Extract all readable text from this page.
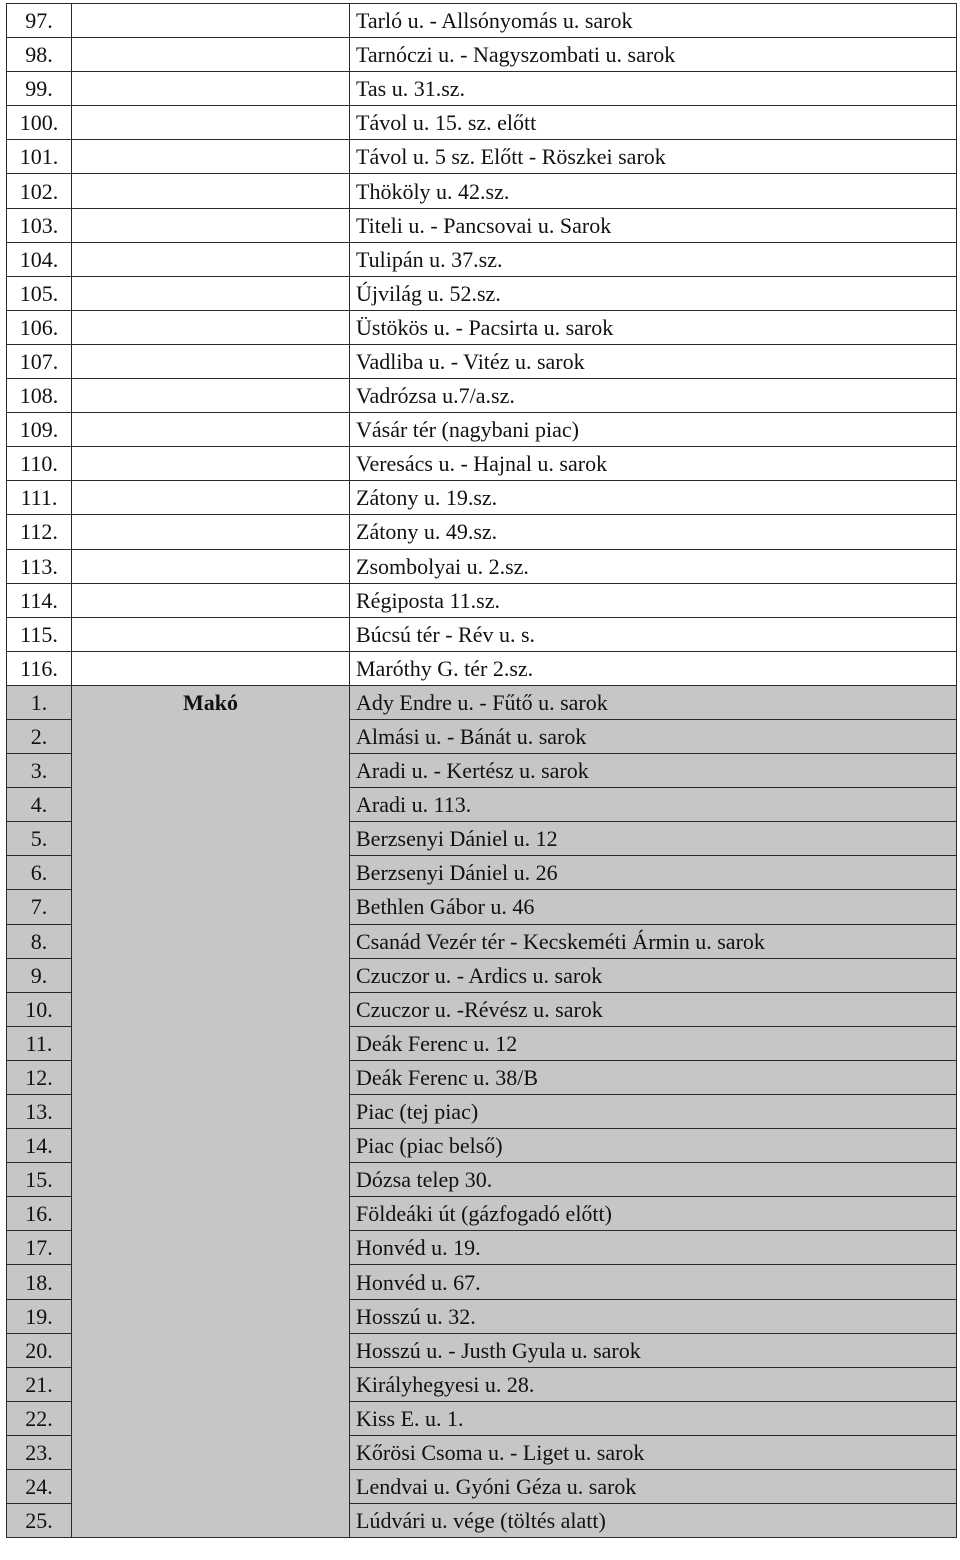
97.		Tarló u. - Allsónyomás u. sarok
98.		Tarnóczi u. - Nagyszombati u. sarok
99.		Tas u. 31.sz.
100.		Távol u. 15. sz. előtt
101.		Távol u. 5 sz. Előtt - Röszkei sarok
102.		Thököly u. 42.sz.
103.		Titeli u. - Pancsovai u. Sarok
104.		Tulipán u. 37.sz.
105.		Újvilág u. 52.sz.
106.		Üstökös u. - Pacsirta u. sarok
107.		Vadliba u. - Vitéz u. sarok
108.		Vadrózsa u.7/a.sz.
109.		Vásár tér (nagybani piac)
110.		Veresács u. - Hajnal u. sarok
111.		Zátony u. 19.sz.
112.		Zátony u. 49.sz.
113.		Zsombolyai u. 2.sz.
114.		Régiposta 11.sz.
115.		Búcsú tér - Rév u. s.
116.		Maróthy G. tér 2.sz.
1.	Makó	Ady Endre u. - Fűtő u. sarok
2.		Almási u. - Bánát u. sarok
3.		Aradi u. - Kertész u. sarok
4.		Aradi u. 113.
5.		Berzsenyi Dániel u. 12
6.		Berzsenyi Dániel u. 26
7.		Bethlen Gábor u. 46
8.		Csanád Vezér tér - Kecskeméti Ármin u. sarok
9.		Czuczor u. - Ardics u. sarok
10.		Czuczor u. -Révész u. sarok
11.		Deák Ferenc u. 12
12.		Deák Ferenc u. 38/B
13.		Piac (tej piac)
14.		Piac (piac belső)
15.		Dózsa telep 30.
16.		Földeáki út (gázfogadó előtt)
17.		Honvéd u. 19.
18.		Honvéd u. 67.
19.		Hosszú u. 32.
20.		Hosszú u. - Justh Gyula u. sarok
21.		Királyhegyesi u. 28.
22.		Kiss E. u. 1.
23.		Kőrösi Csoma u. - Liget u. sarok
24.		Lendvai u. Gyóni Géza u. sarok
25.		Lúdvári u. vége (töltés alatt)
